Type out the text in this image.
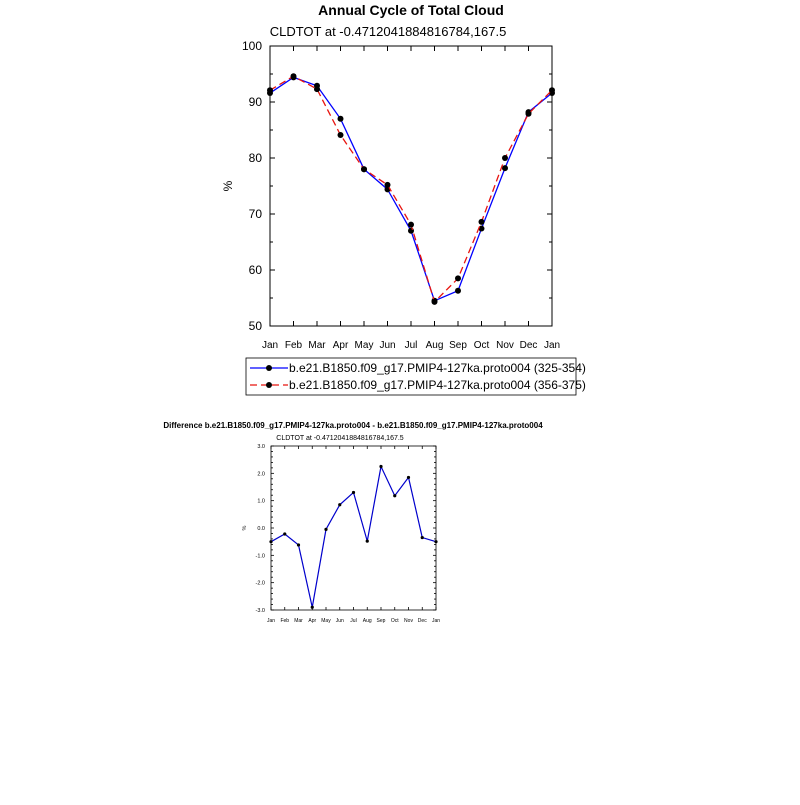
Annual Cycle of Total Cloud
CLDTOT at -0.4712041884816784,167.5
Difference b.e21.B1850.f09_g17.PMIP4-127ka.proto004 - b.e21.B1850.f09_g17.PMIP4-127ka.proto004
CLDTOT at -0.4712041884816784,167.5
Jan Feb Mar Apr May Jun Jul Aug Sep Oct Nov Dec Jan
50
60
70
80
90
100
%
Jan Feb Mar Apr May Jun Jul Aug Sep Oct Nov Dec Jan
-3.0
-2.0
-1.0
0.0
1.0
2.0
3.0
%
b.e21.B1850.f09_g17.PMIP4-127ka.proto004 (325-354)
b.e21.B1850.f09_g17.PMIP4-127ka.proto004 (356-375)
